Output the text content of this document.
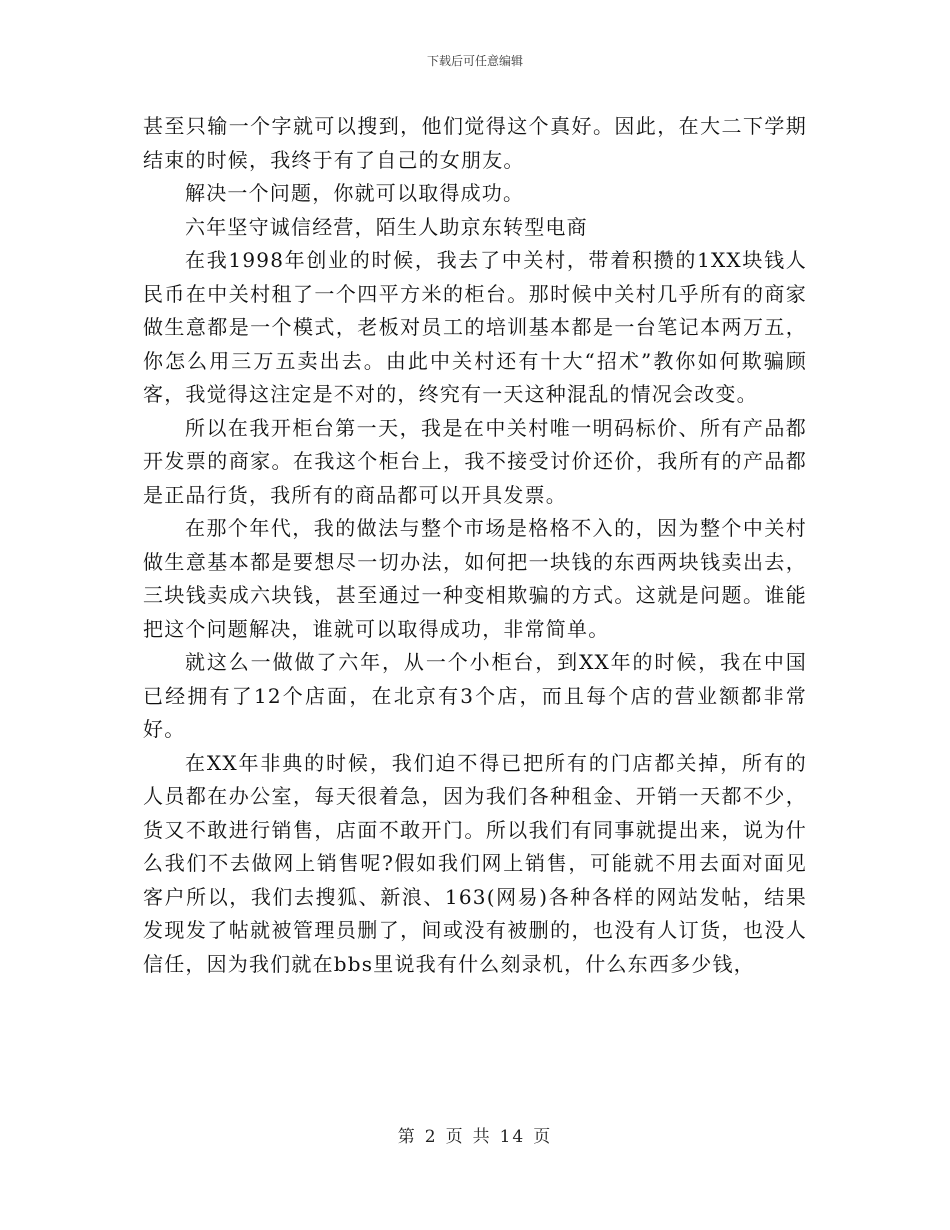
下载后可任意编辑

甚至只输一个字就可以搜到，他们觉得这个真好。因此，在大二下学期结束的时候，我终于有了自己的女朋友。

解决一个问题，你就可以取得成功。

六年坚守诚信经营，陌生人助京东转型电商

在我1998年创业的时候，我去了中关村，带着积攒的1XX块钱人民币在中关村租了一个四平方米的柜台。那时候中关村几乎所有的商家做生意都是一个模式，老板对员工的培训基本都是一台笔记本两万五，你怎么用三万五卖出去。由此中关村还有十大“招术”教你如何欺骗顾客，我觉得这注定是不对的，终究有一天这种混乱的情况会改变。

所以在我开柜台第一天，我是在中关村唯一明码标价、所有产品都开发票的商家。在我这个柜台上，我不接受讨价还价，我所有的产品都是正品行货，我所有的商品都可以开具发票。

在那个年代，我的做法与整个市场是格格不入的，因为整个中关村做生意基本都是要想尽一切办法，如何把一块钱的东西两块钱卖出去，三块钱卖成六块钱，甚至通过一种变相欺骗的方式。这就是问题。谁能把这个问题解决，谁就可以取得成功，非常简单。

就这么一做做了六年，从一个小柜台，到XX年的时候，我在中国已经拥有了12个店面，在北京有3个店，而且每个店的营业额都非常好。

在XX年非典的时候，我们迫不得已把所有的门店都关掉，所有的人员都在办公室，每天很着急，因为我们各种租金、开销一天都不少，货又不敢进行销售，店面不敢开门。所以我们有同事就提出来，说为什么我们不去做网上销售呢?假如我们网上销售，可能就不用去面对面见客户所以，我们去搜狐、新浪、163(网易)各种各样的网站发帖，结果发现发了帖就被管理员删了，间或没有被删的，也没有人订货，也没人信任，因为我们就在bbs里说我有什么刻录机，什么东西多少钱，

第 2 页 共 14 页
